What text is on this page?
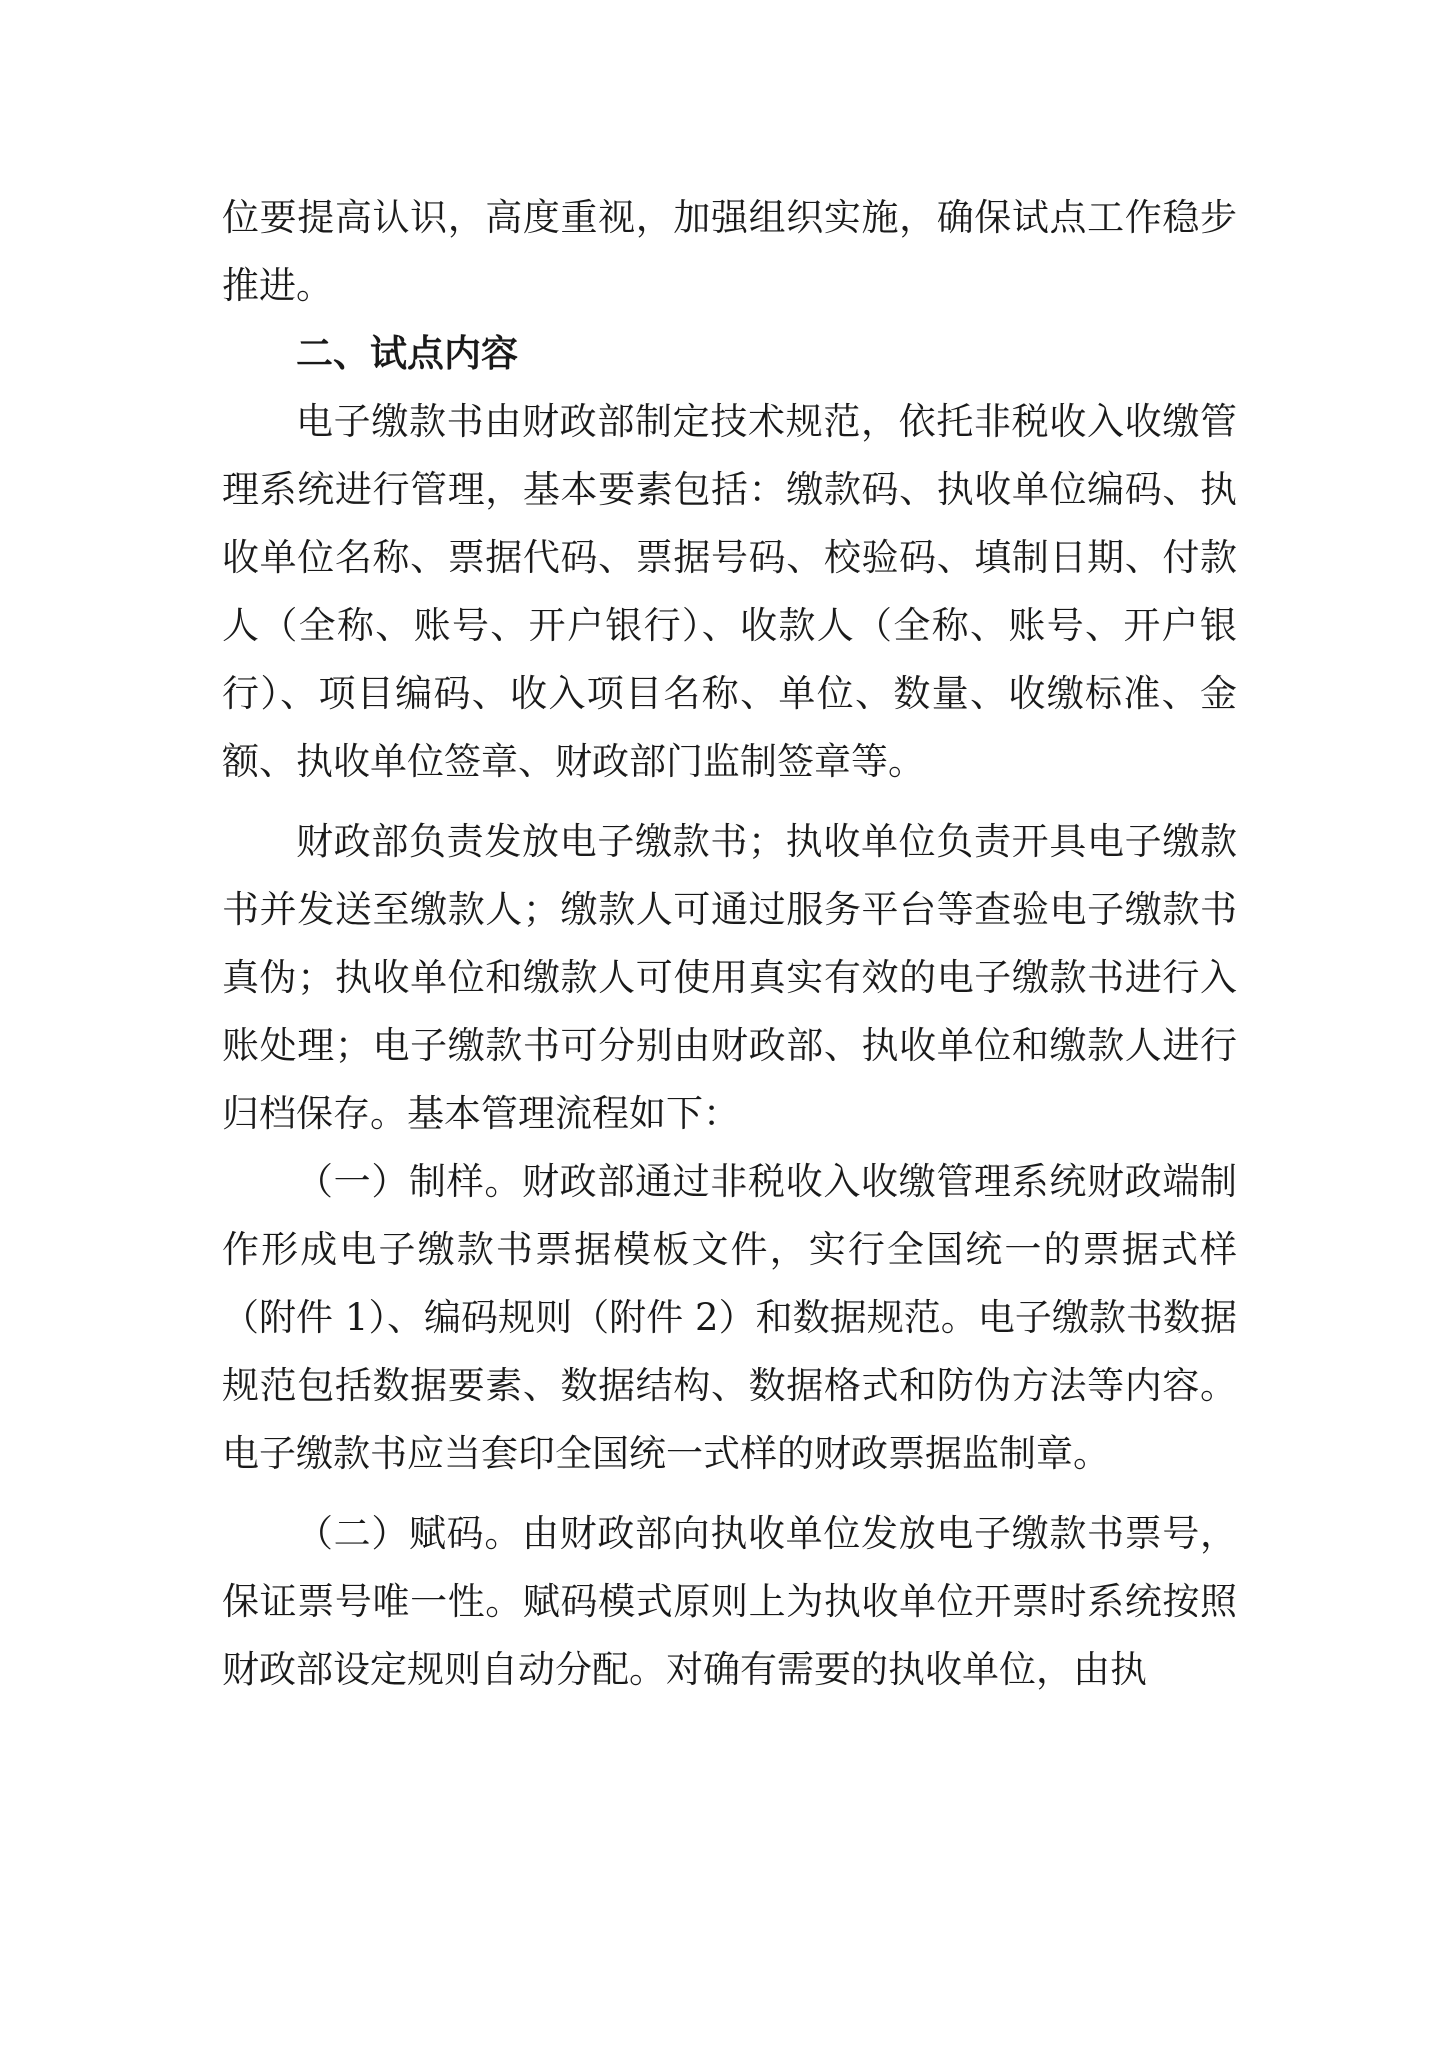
位要提高认识，高度重视，加强组织实施，确保试点工作稳步推进。

二、试点内容

电子缴款书由财政部制定技术规范，依托非税收入收缴管理系统进行管理，基本要素包括：缴款码、执收单位编码、执收单位名称、票据代码、票据号码、校验码、填制日期、付款人（全称、账号、开户银行）、收款人（全称、账号、开户银行）、项目编码、收入项目名称、单位、数量、收缴标准、金额、执收单位签章、财政部门监制签章等。

财政部负责发放电子缴款书；执收单位负责开具电子缴款书并发送至缴款人；缴款人可通过服务平台等查验电子缴款书真伪；执收单位和缴款人可使用真实有效的电子缴款书进行入账处理；电子缴款书可分别由财政部、执收单位和缴款人进行归档保存。基本管理流程如下：

（一）制样。财政部通过非税收入收缴管理系统财政端制作形成电子缴款书票据模板文件，实行全国统一的票据式样（附件 1）、编码规则（附件 2）和数据规范。电子缴款书数据规范包括数据要素、数据结构、数据格式和防伪方法等内容。电子缴款书应当套印全国统一式样的财政票据监制章。

（二）赋码。由财政部向执收单位发放电子缴款书票号，保证票号唯一性。赋码模式原则上为执收单位开票时系统按照财政部设定规则自动分配。对确有需要的执收单位，由执
